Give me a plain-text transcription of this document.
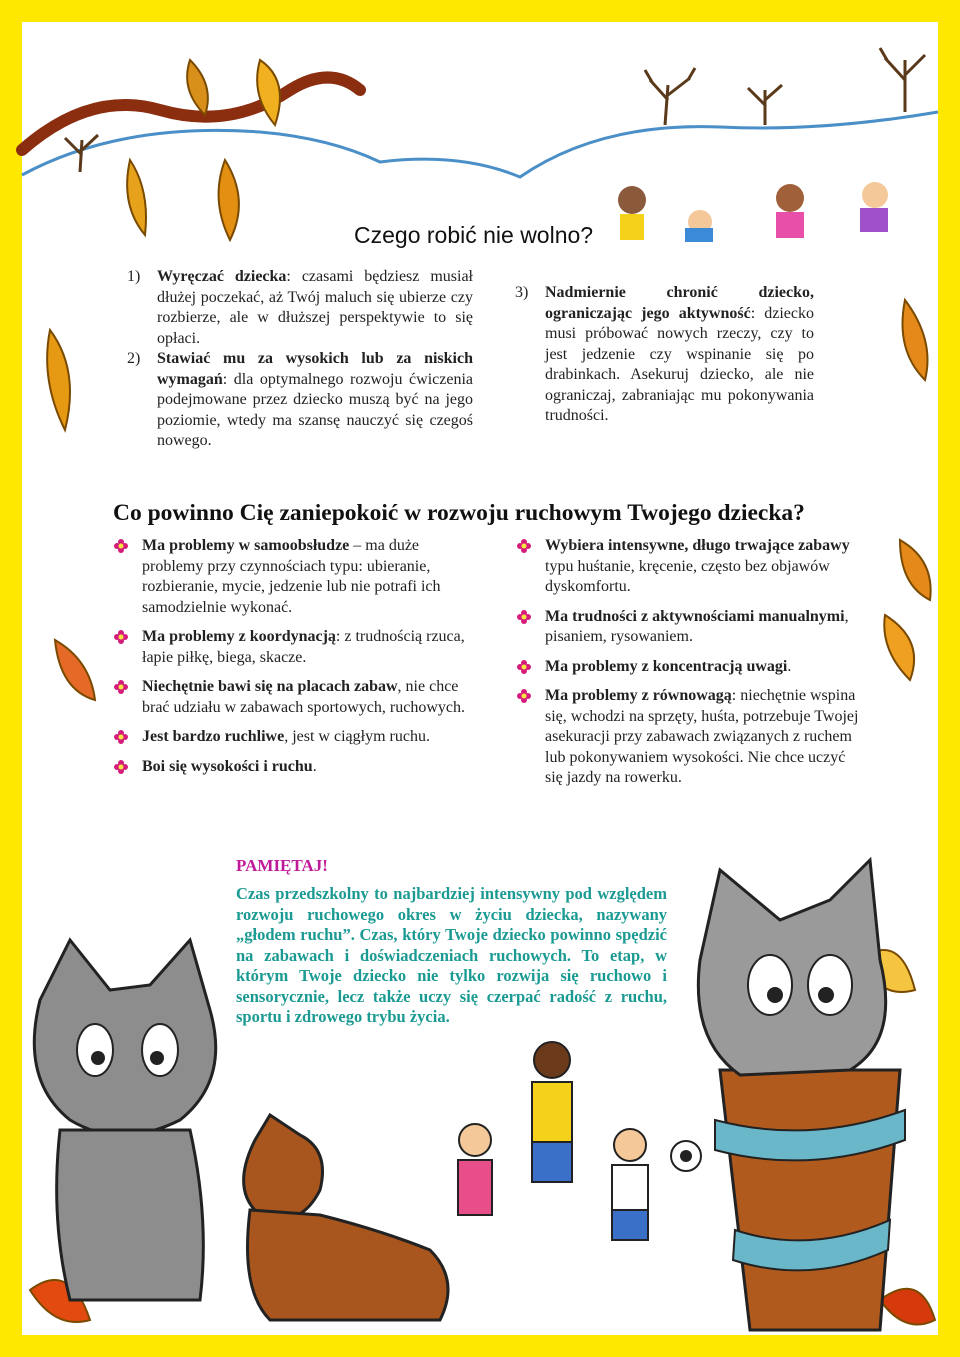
Czego robić nie wolno?
1)	Wyręczać dziecka: czasami będziesz musiał dłużej poczekać, aż Twój maluch się ubierze czy rozbierze, ale w dłuższej perspektywie to się opłaci.

2)	Stawiać mu za wysokich lub za niskich wymagań: dla optymalnego rozwoju ćwiczenia podejmowane przez dziecko muszą być na jego poziomie, wtedy ma szansę nauczyć się czegoś nowego.

3)	Nadmiernie chronić dziecko, ograniczając jego aktywność: dziecko musi próbować nowych rzeczy, czy to jest jedzenie czy wspinanie się po drabinkach. Asekuruj dziecko, ale nie ograniczaj, zabraniając mu pokonywania trudności.

Co powinno Cię zaniepokoić w rozwoju ruchowym Twojego dziecka?

Ma problemy w samoobsłudze – ma duże problemy przy czynnościach typu: ubieranie, rozbieranie, mycie, jedzenie lub nie potrafi ich samodzielnie wykonać.

Ma problemy z koordynacją: z trudnością rzuca, łapie piłkę, biega, skacze.

Niechętnie bawi się na placach zabaw, nie chce brać udziału w zabawach sportowych, ruchowych.

Jest bardzo ruchliwe, jest w ciągłym ruchu.

Boi się wysokości i ruchu.

Wybiera intensywne, długo trwające zabawy typu huśtanie, kręcenie, często bez objawów dyskomfortu.

Ma trudności z aktywnościami manualnymi, pisaniem, rysowaniem.

Ma problemy z koncentracją uwagi.

Ma problemy z równowagą: niechętnie wspina się, wchodzi na sprzęty, huśta, potrzebuje Twojej asekuracji przy zabawach związanych z ruchem lub pokonywaniem wysokości. Nie chce uczyć się jazdy na rowerku.

PAMIĘTAJ!

Czas przedszkolny to najbardziej intensywny pod względem rozwoju ruchowego okres w życiu dziecka, nazywany „głodem ruchu”. Czas, który Twoje dziecko powinno spędzić na zabawach i doświadczeniach ruchowych. To etap, w którym Twoje dziecko nie tylko rozwija się ruchowo i sensorycznie, lecz także uczy się czerpać radość z ruchu, sportu i zdrowego trybu życia.
